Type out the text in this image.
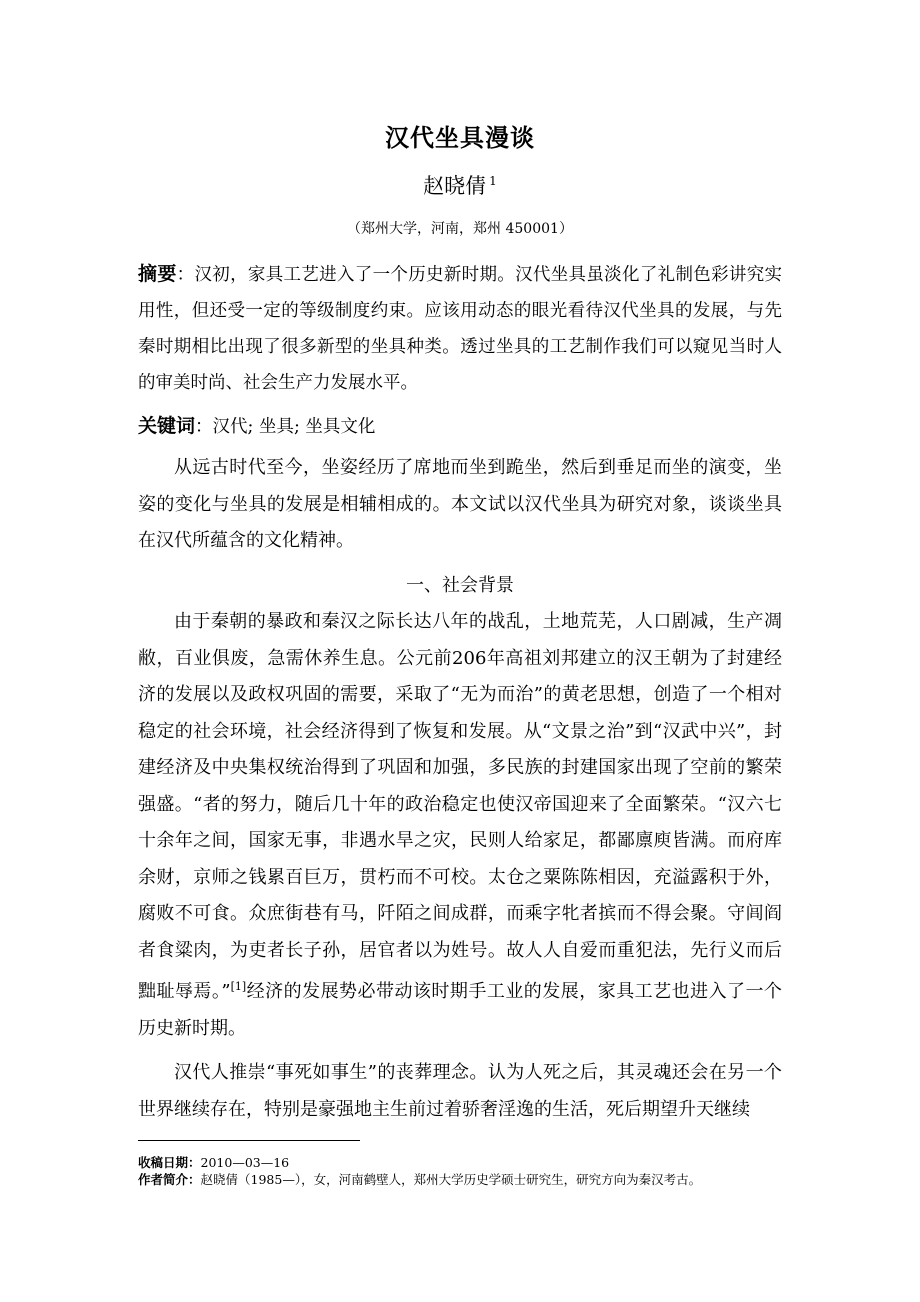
汉代坐具漫谈
赵晓倩 $^1$
（郑州大学，河南，郑州 450001）
摘要：汉初，家具工艺进入了一个历史新时期。汉代坐具虽淡化了礼制色彩讲究实用性，但还受一定的等级制度约束。应该用动态的眼光看待汉代坐具的发展，与先秦时期相比出现了很多新型的坐具种类。透过坐具的工艺制作我们可以窥见当时人的审美时尚、社会生产力发展水平。
关键词：汉代; 坐具; 坐具文化

从远古时代至今，坐姿经历了席地而坐到跪坐，然后到垂足而坐的演变，坐姿的变化与坐具的发展是相辅相成的。本文试以汉代坐具为研究对象，谈谈坐具在汉代所蕴含的文化精神。

一、社会背景

由于秦朝的暴政和秦汉之际长达八年的战乱，土地荒芜，人口剧减，生产凋敝，百业俱废，急需休养生息。公元前206年高祖刘邦建立的汉王朝为了封建经济的发展以及政权巩固的需要，采取了“无为而治”的黄老思想，创造了一个相对稳定的社会环境，社会经济得到了恢复和发展。从“文景之治”到“汉武中兴”，封建经济及中央集权统治得到了巩固和加强，多民族的封建国家出现了空前的繁荣强盛。“者的努力，随后几十年的政治稳定也使汉帝国迎来了全面繁荣。“汉六七十余年之间，国家无事，非遇水旱之灾，民则人给家足，都鄙廪庾皆满。而府库余财，京师之钱累百巨万，贯朽而不可校。太仓之粟陈陈相因，充溢露积于外，腐败不可食。众庶街巷有马，阡陌之间成群，而乘字牝者摈而不得会聚。守闾阎者食粱肉，为吏者长子孙，居官者以为姓号。故人人自爱而重犯法，先行义而后黜耻辱焉。”[1]经济的发展势必带动该时期手工业的发展，家具工艺也进入了一个历史新时期。

汉代人推崇“事死如事生”的丧葬理念。认为人死之后，其灵魂还会在另一个世界继续存在，特别是豪强地主生前过着骄奢淫逸的生活，死后期望升天继续

收稿日期：2010—03—16
作者简介：赵晓倩（1985—），女，河南鹤壁人，郑州大学历史学硕士研究生，研究方向为秦汉考古。
